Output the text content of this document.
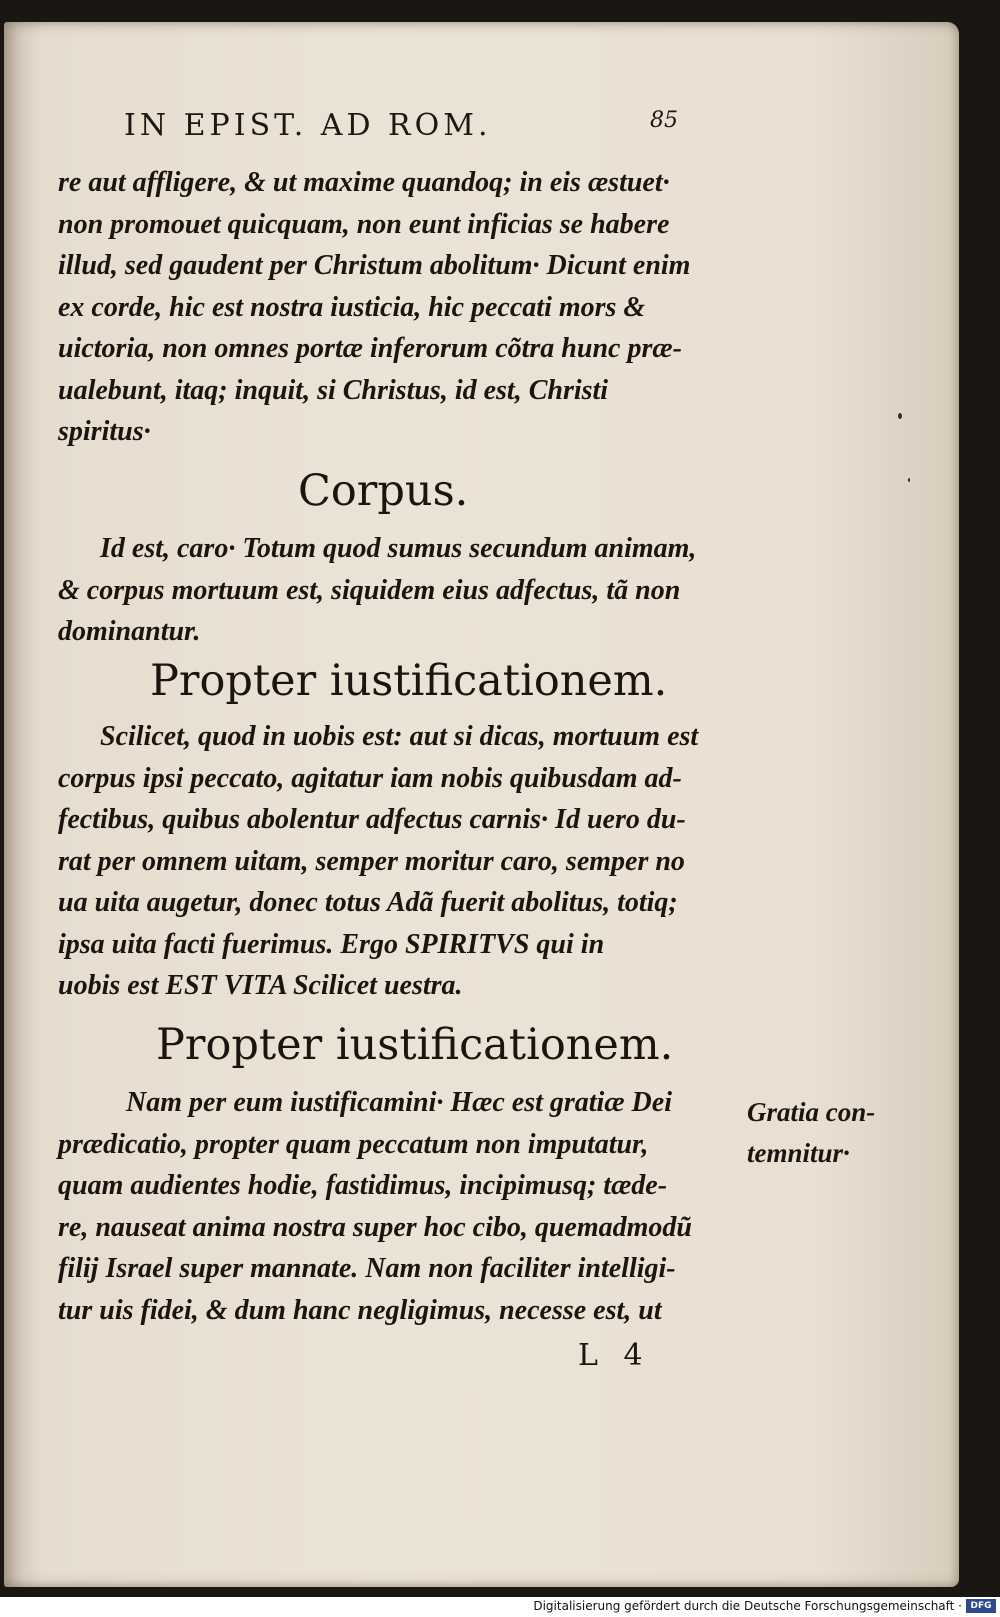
IN EPIST. AD ROM.	85
re aut affligere, & ut maxime quandoq; in eis æstuet·
non promouet quicquam, non eunt inficias se habere
illud, sed gaudent per Christum abolitum· Dicunt enim
ex corde, hic est nostra iusticia, hic peccati mors &
uictoria, non omnes portæ inferorum cõtra hunc præ-
ualebunt, itaq; inquit, si Christus, id est, Christi
spiritus·
Corpus.
Id est, caro· Totum quod sumus secundum animam,
& corpus mortuum est, siquidem eius adfectus, tã non
dominantur.
Propter iustificationem.
Scilicet, quod in uobis est: aut si dicas, mortuum est
corpus ipsi peccato, agitatur iam nobis quibusdam ad-
fectibus, quibus abolentur adfectus carnis· Id uero du-
rat per omnem uitam, semper moritur caro, semper no
ua uita augetur, donec totus Adã fuerit abolitus, totiq;
ipsa uita facti fuerimus. Ergo SPIRITVS qui in
uobis est EST VITA Scilicet uestra.
Propter iustificationem.
Nam per eum iustificamini· Hæc est gratiæ Dei
prædicatio, propter quam peccatum non imputatur,
quam audientes hodie, fastidimus, incipimusq; tæde-
re, nauseat anima nostra super hoc cibo, quemadmodũ
filij Israel super mannate. Nam non faciliter intelligi-
tur uis fidei, & dum hanc negligimus, necesse est, ut
Gratia con-
temnitur·
L 4
Digitalisierung gefördert durch die Deutsche Forschungsgemeinschaft · DFG
